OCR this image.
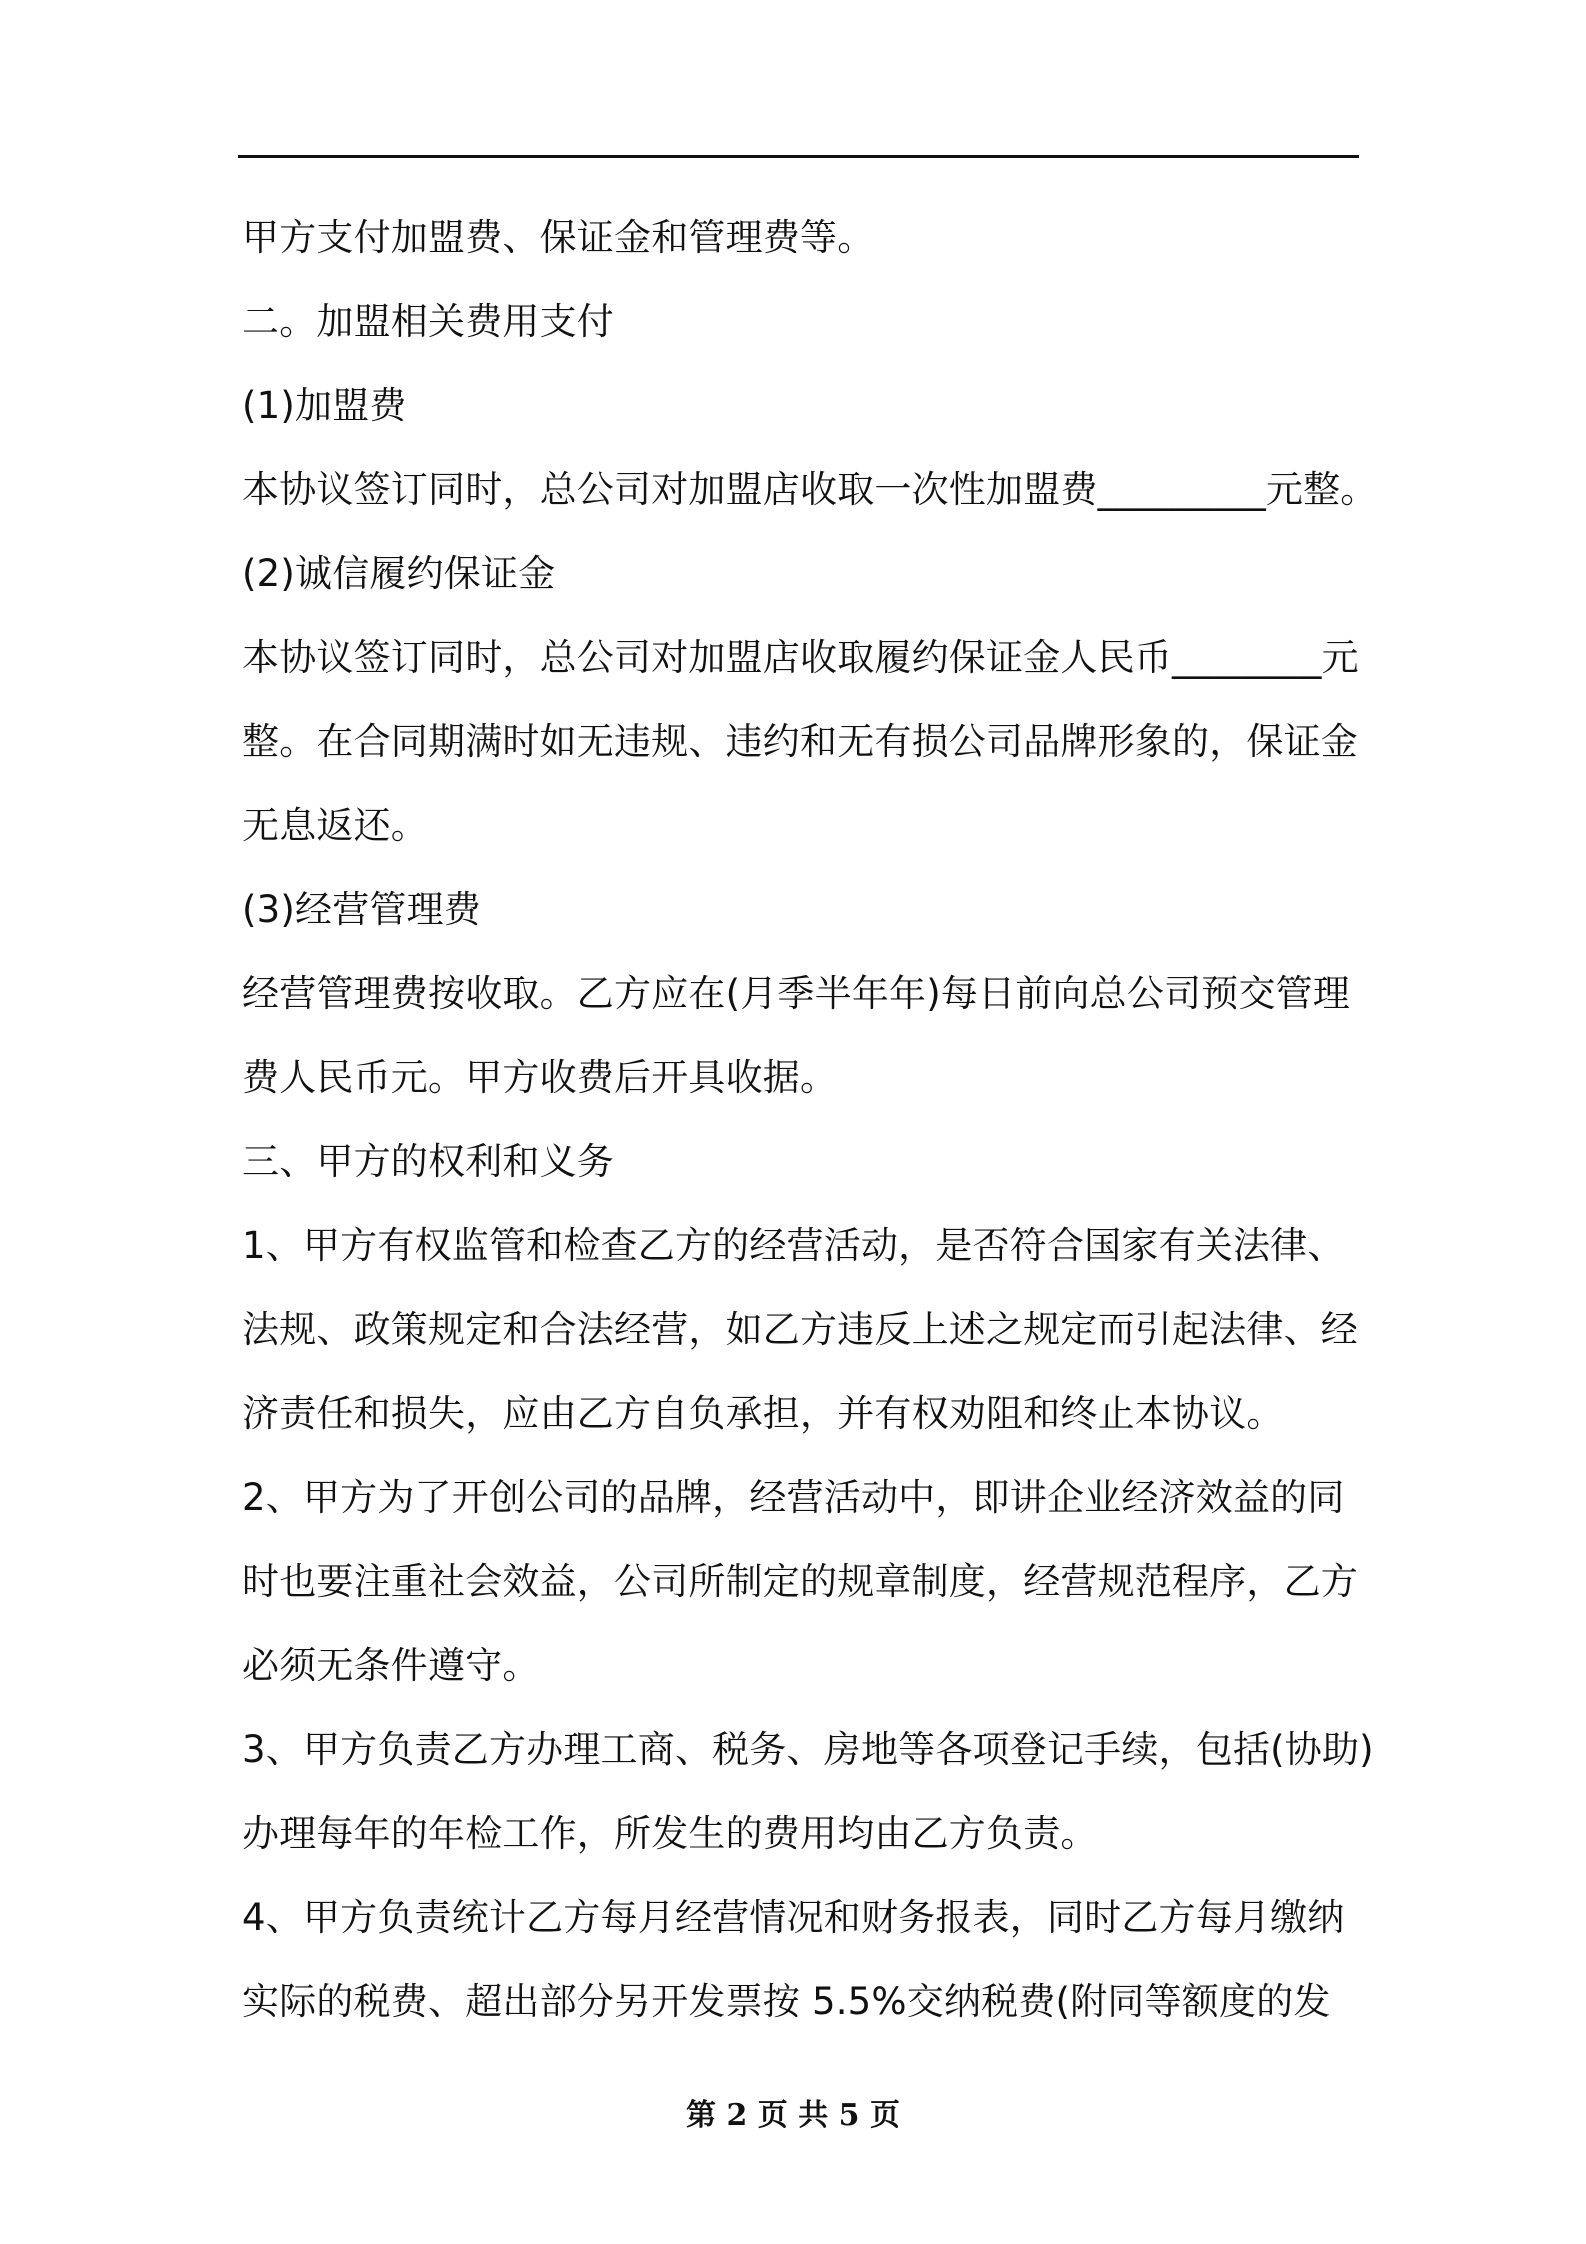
甲方支付加盟费、保证金和管理费等。
二。加盟相关费用支付
(1)加盟费
本协议签订同时，总公司对加盟店收取一次性加盟费_________元整。
(2)诚信履约保证金
本协议签订同时，总公司对加盟店收取履约保证金人民币________元
整。在合同期满时如无违规、违约和无有损公司品牌形象的，保证金
无息返还。
(3)经营管理费
经营管理费按收取。乙方应在(月季半年年)每日前向总公司预交管理
费人民币元。甲方收费后开具收据。
三、甲方的权利和义务
1、甲方有权监管和检查乙方的经营活动，是否符合国家有关法律、
法规、政策规定和合法经营，如乙方违反上述之规定而引起法律、经
济责任和损失，应由乙方自负承担，并有权劝阻和终止本协议。
2、甲方为了开创公司的品牌，经营活动中，即讲企业经济效益的同
时也要注重社会效益，公司所制定的规章制度，经营规范程序，乙方
必须无条件遵守。
3、甲方负责乙方办理工商、税务、房地等各项登记手续，包括(协助)
办理每年的年检工作，所发生的费用均由乙方负责。
4、甲方负责统计乙方每月经营情况和财务报表，同时乙方每月缴纳
实际的税费、超出部分另开发票按 5.5%交纳税费(附同等额度的发
第 2 页 共 5 页
